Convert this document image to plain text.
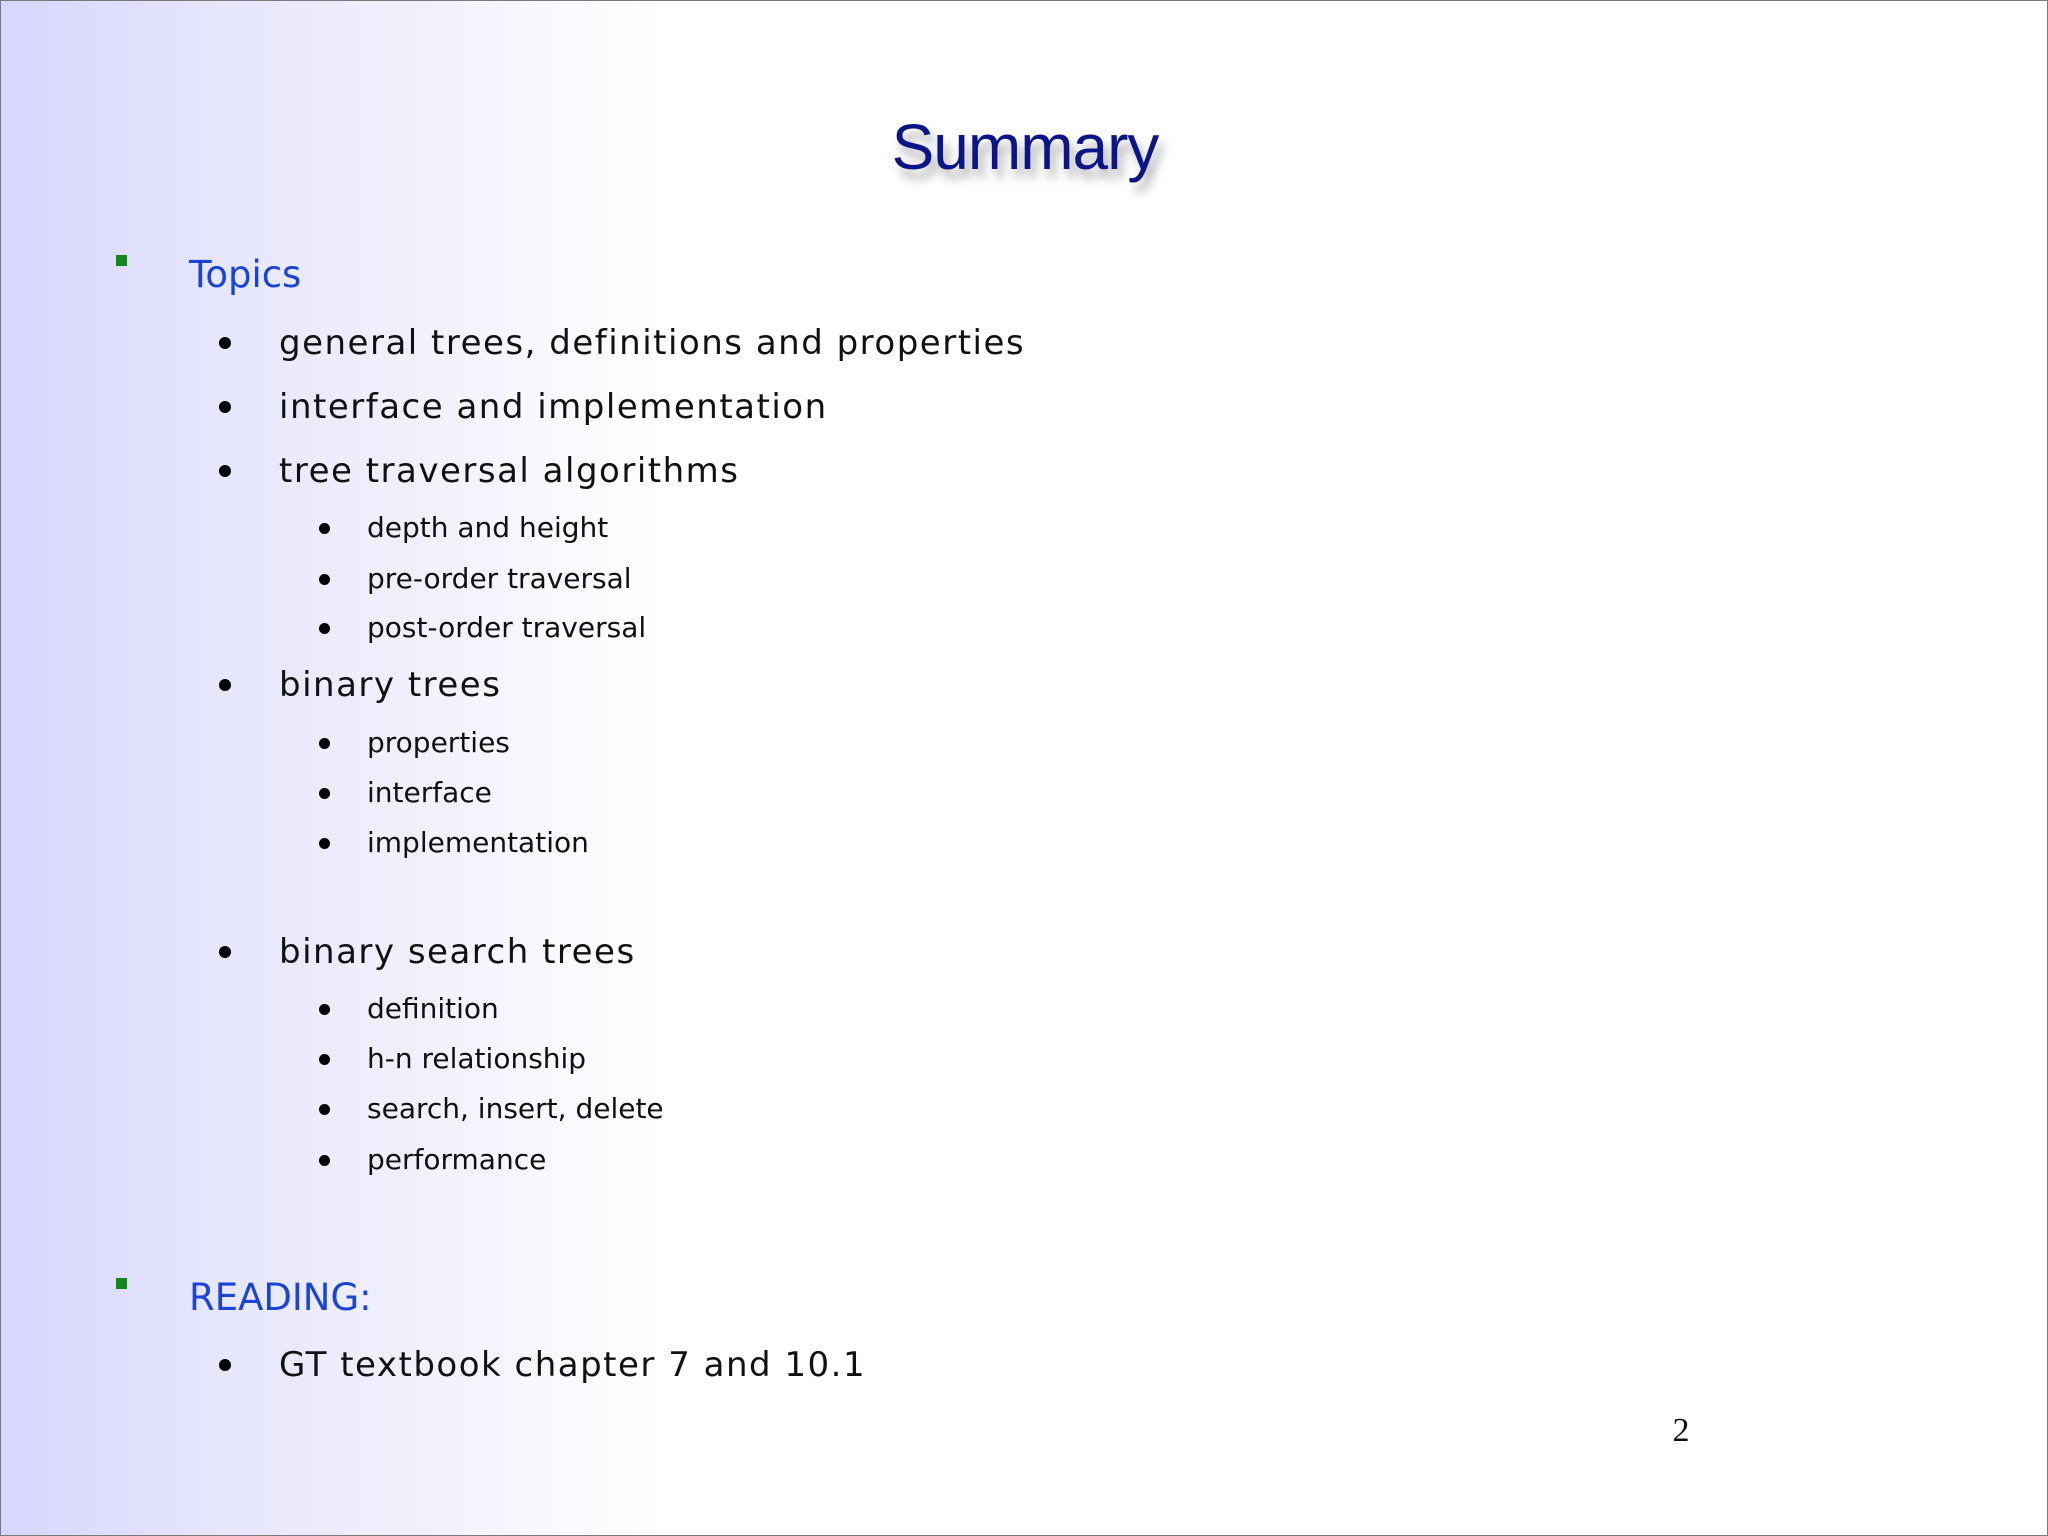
Summary
Topics
general trees, definitions and properties
interface and implementation
tree traversal algorithms
depth and height
pre-order traversal
post-order traversal
binary trees
properties
interface
implementation
binary search trees
definition
h-n relationship
search, insert, delete
performance
READING:
GT textbook chapter 7 and 10.1
2
